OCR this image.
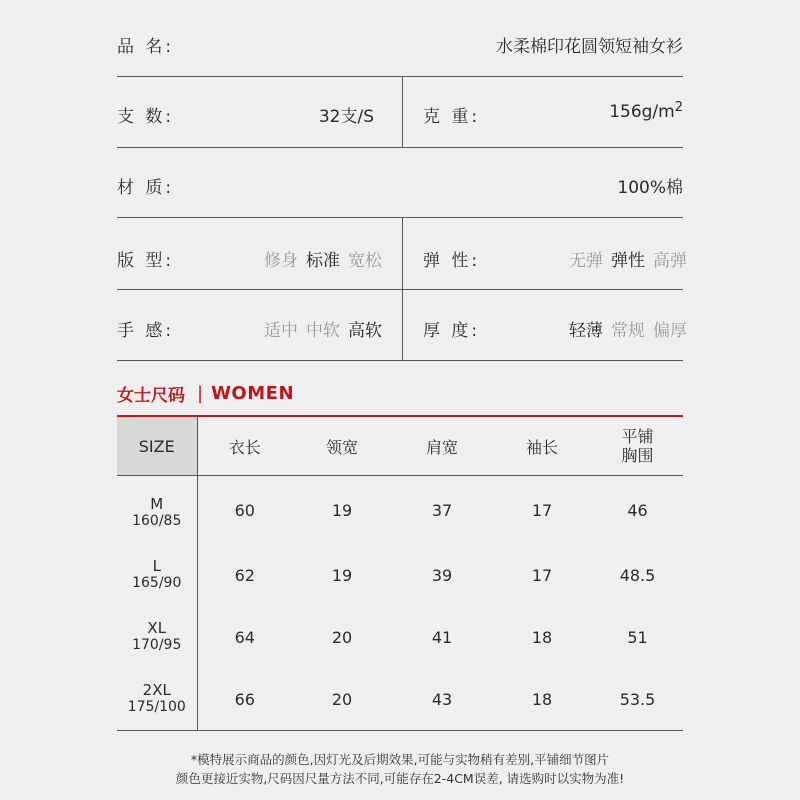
品 名:	水柔棉印花圆领短袖女衫
支 数:	32支/S	克 重:	$156g/m^2$
材 质:	100%棉
版 型:	修身 标准 宽松 弹 性:	无弹 弹性 高弹
手 感:	适中 中软 高软 厚 度:	轻薄 常规 偏厚
女士尺码 | WOMEN
SIZE	衣长	领宽	肩宽	袖长	平铺
胸围

M
160/85	60	19	37	17	46

L
165/90	62	19	39	17	48.5

XL
170/95	64	20	41	18	51

2XL
175/100	66	20	43	18	53.5
*模特展示商品的颜色,因灯光及后期效果,可能与实物稍有差别,平铺细节图片
颜色更接近实物,尺码因尺量方法不同,可能存在2-4CM误差, 请选购时以实物为准!
